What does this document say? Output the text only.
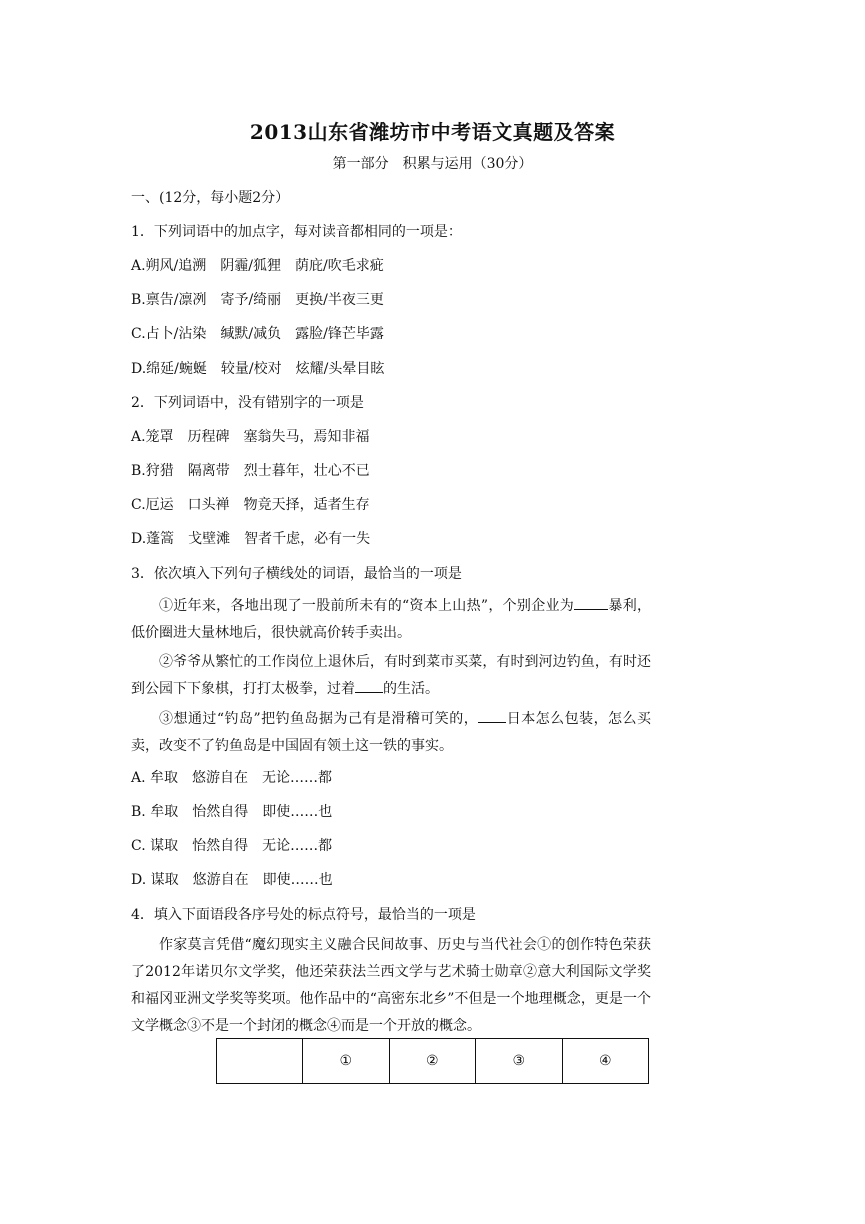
2013山东省潍坊市中考语文真题及答案
第一部分　积累与运用（30分）
一、(12分，每小题2分）
1．下列词语中的加点字，每对读音都相同的一项是：
A.朔风/追溯　阴霾/狐狸　荫庇/吹毛求疵
B.禀告/凛冽　寄予/绮丽　更换/半夜三更
C.占卜/沾染　缄默/减负　露脸/锋芒毕露
D.绵延/蜿蜒　较量/校对　炫耀/头晕目眩
2．下列词语中，没有错别字的一项是
A.笼罩　历程碑　塞翁失马，焉知非福
B.狩猎　隔离带　烈士暮年，壮心不已
C.厄运　口头禅　物竞天择，适者生存
D.蓬篙　戈壁滩　智者千虑，必有一失
3．依次填入下列句子横线处的词语，最恰当的一项是
①近年来，各地出现了一股前所未有的“资本上山热”，个别企业为 暴利，低价圈进大量林地后，很快就高价转手卖出。
②爷爷从繁忙的工作岗位上退休后，有时到菜市买菜，有时到河边钓鱼，有时还到公园下下象棋，打打太极拳，过着 的生活。
③想通过“钓岛”把钓鱼岛据为己有是滑稽可笑的， 日本怎么包装，怎么买卖，改变不了钓鱼岛是中国固有领土这一铁的事实。
A. 牟取　悠游自在　无论……都
B. 牟取　怡然自得　即使……也
C. 谋取　怡然自得　无论……都
D. 谋取　悠游自在　即使……也
4．填入下面语段各序号处的标点符号，最恰当的一项是
作家莫言凭借“魔幻现实主义融合民间故事、历史与当代社会①的创作特色荣获了2012年诺贝尔文学奖，他还荣获法兰西文学与艺术骑士勋章②意大利国际文学奖和福冈亚洲文学奖等奖项。他作品中的“高密东北乡”不但是一个地理概念，更是一个文学概念③不是一个封闭的概念④而是一个开放的概念。
	①	②	③	④
